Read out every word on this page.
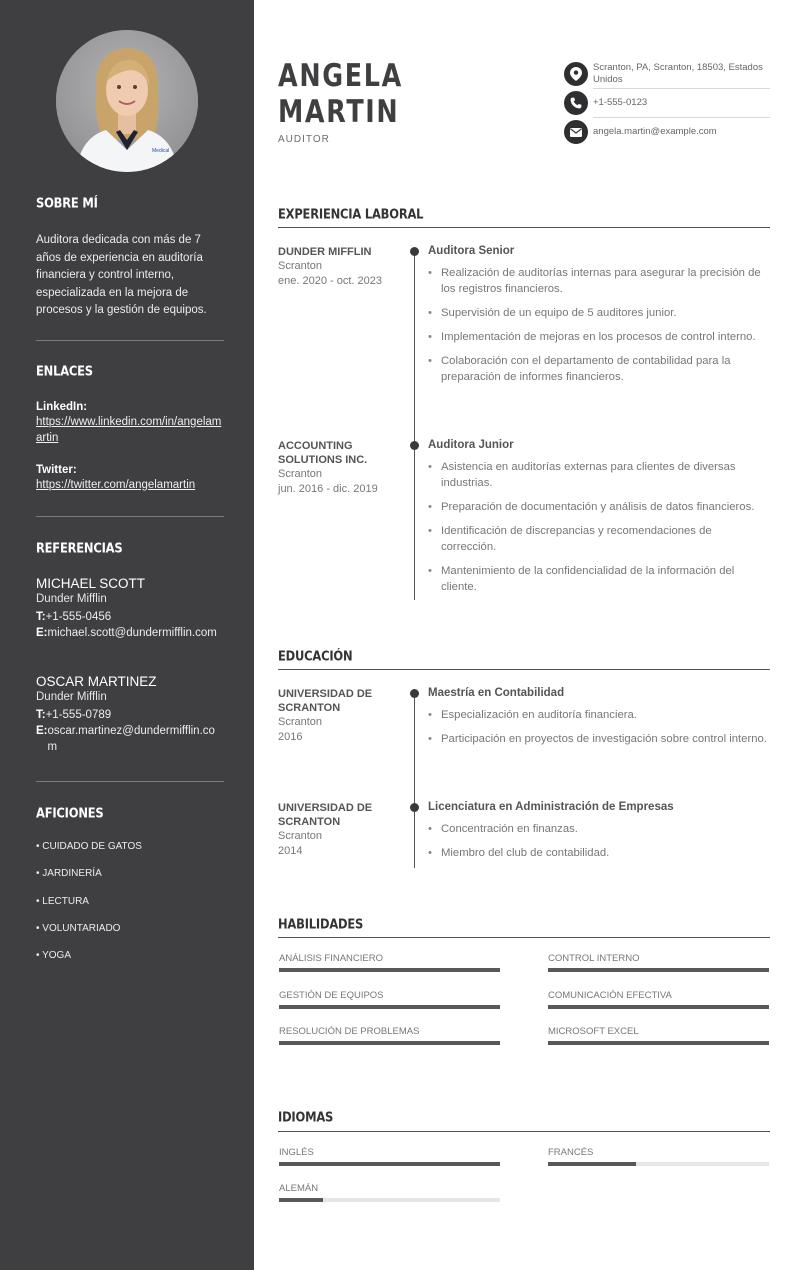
Medical
SOBRE MÍ
Auditora dedicada con más de 7 años de experiencia en auditoría financiera y control interno, especializada en la mejora de procesos y la gestión de equipos.
ENLACES
LinkedIn:
https://www.linkedin.com/in/angelamartin
Twitter:
https://twitter.com/angelamartin
REFERENCIAS
MICHAEL SCOTT
Dunder Mifflin
T:+1-555-0456
E: michael.scott@dundermifflin.com
OSCAR MARTINEZ
Dunder Mifflin
T:+1-555-0789
E: oscar.martinez@dundermifflin.com
AFICIONES
• CUIDADO DE GATOS
• JARDINERÍA
• LECTURA
• VOLUNTARIADO
• YOGA
ANGELA
MARTIN
AUDITOR
Scranton, PA, Scranton, 18503, Estados Unidos
+1-555-0123
angela.martin@example.com
EXPERIENCIA LABORAL
DUNDER MIFFLIN
Scranton
ene. 2020 - oct. 2023
Auditora Senior
• Realización de auditorías internas para asegurar la precisión de los registros financieros.
• Supervisión de un equipo de 5 auditores junior.
• Implementación de mejoras en los procesos de control interno.
• Colaboración con el departamento de contabilidad para la preparación de informes financieros.
ACCOUNTING SOLUTIONS INC.
Scranton
jun. 2016 - dic. 2019
Auditora Junior
• Asistencia en auditorías externas para clientes de diversas industrias.
• Preparación de documentación y análisis de datos financieros.
• Identificación de discrepancias y recomendaciones de corrección.
• Mantenimiento de la confidencialidad de la información del cliente.
EDUCACIÓN
UNIVERSIDAD DE SCRANTON
Scranton
2016
Maestría en Contabilidad
• Especialización en auditoría financiera.
• Participación en proyectos de investigación sobre control interno.
UNIVERSIDAD DE SCRANTON
Scranton
2014
Licenciatura en Administración de Empresas
• Concentración en finanzas.
• Miembro del club de contabilidad.
HABILIDADES
ANÁLISIS FINANCIERO	CONTROL INTERNO
GESTIÓN DE EQUIPOS	COMUNICACIÓN EFECTIVA
RESOLUCIÓN DE PROBLEMAS	MICROSOFT EXCEL
IDIOMAS
INGLÉS	FRANCÉS
ALEMÁN
